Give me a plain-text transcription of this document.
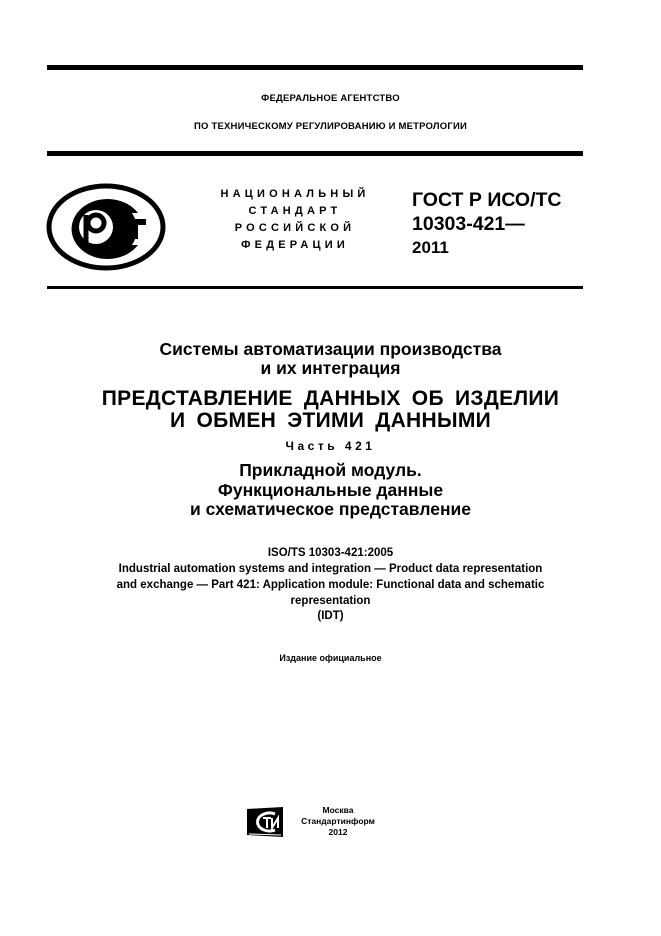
ФЕДЕРАЛЬНОЕ АГЕНТСТВО
ПО ТЕХНИЧЕСКОМУ РЕГУЛИРОВАНИЮ И МЕТРОЛОГИИ
НАЦИОНАЛЬНЫЙ
СТАНДАРТ
РОССИЙСКОЙ
ФЕДЕРАЦИИ
ГОСТ Р ИСО/ТС
10303-421—
2011
Системы автоматизации производства
и их интеграция
ПРЕДСТАВЛЕНИЕ ДАННЫХ ОБ ИЗДЕЛИИ
И ОБМЕН ЭТИМИ ДАННЫМИ
Часть 421
Прикладной модуль.
Функциональные данные
и схематическое представление
ISO/TS 10303-421:2005
Industrial automation systems and integration — Product data representation
and exchange — Part 421: Application module: Functional data and schematic
representation
(IDT)
Издание официальное
Москва
Стандартинформ
2012
